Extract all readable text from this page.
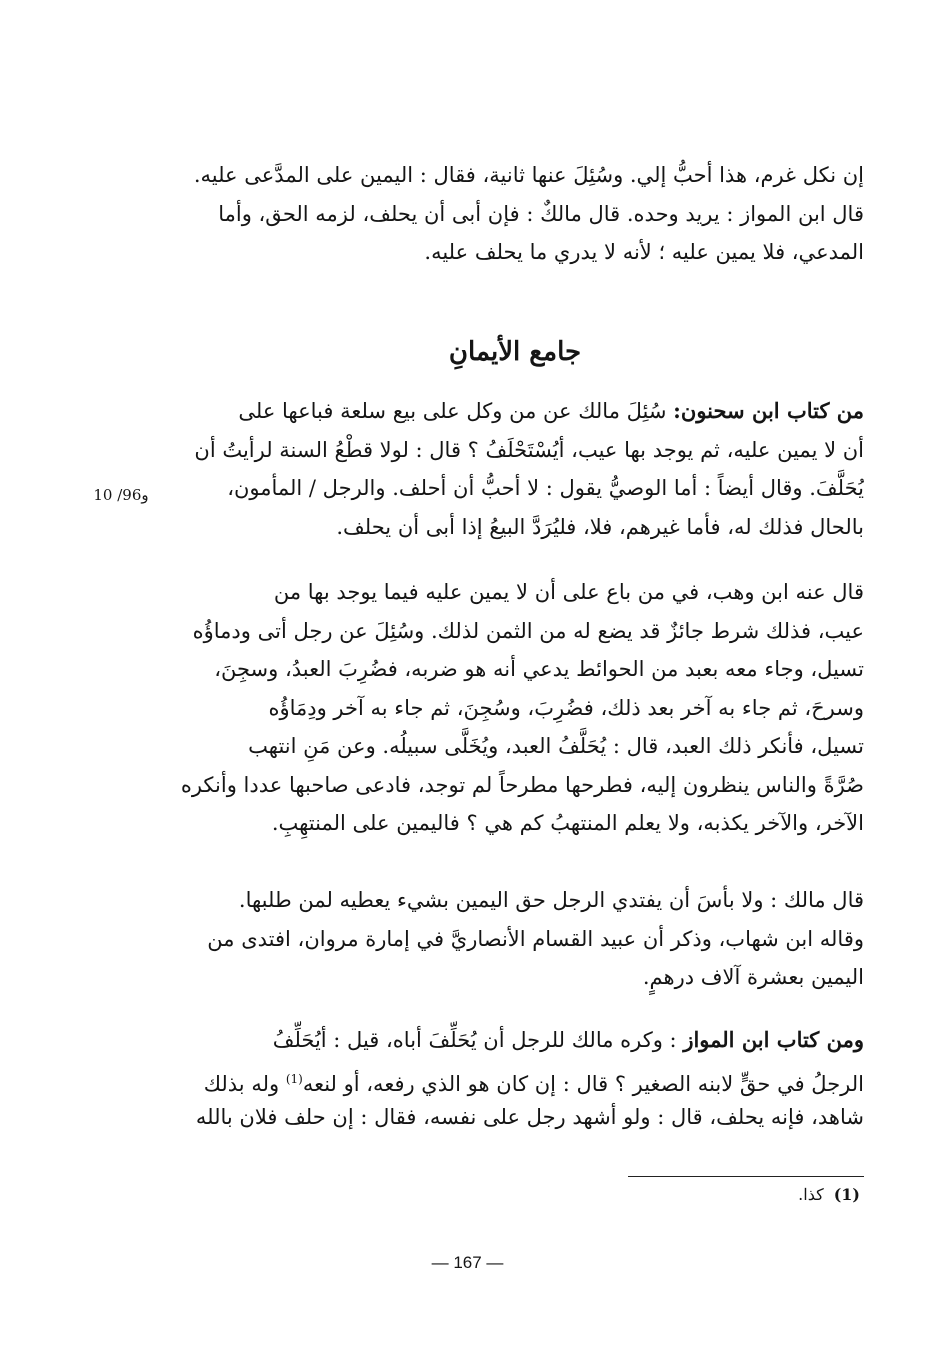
إن نكل غرم، هذا أحبُّ إلي. وسُئِلَ عنها ثانية، فقال : اليمين على المدَّعى عليه.
قال ابن المواز : يريد وحده. قال مالكٌ : فإن أبى أن يحلف، لزمه الحق، وأما
المدعي، فلا يمين عليه ؛ لأنه لا يدري ما يحلف عليه.
جامع الأيمانِ
من كتاب ابن سحنون: سُئِلَ مالك عن من وكل على بيع سلعة فباعها على
أن لا يمين عليه، ثم يوجد بها عيب، أيُسْتَحْلَفُ ؟ قال : لولا قطْعُ السنة لرأيتُ أن
يُحَلَّفَ. وقال أيضاً : أما الوصيُّ يقول : لا أحبُّ أن أحلف. والرجل / المأمون،
بالحال فذلك له، فأما غيرهم، فلا، فليُرَدَّ البيعُ إذا أبى أن يحلف.
10 /96و
قال عنه ابن وهب، في من باع على أن لا يمين عليه فيما يوجد بها من
عيب، فذلك شرط جائزٌ قد يضع له من الثمن لذلك. وسُئِلَ عن رجل أتى ودماؤُه
تسيل، وجاء معه بعبد من الحوائط يدعي أنه هو ضربه، فضُرِبَ العبدُ، وسجِنَ،
وسرحَ، ثم جاء به آخر بعد ذلك، فضُرِبَ، وسُجِنَ، ثم جاء به آخر ودِمَاؤُه
تسيل، فأنكر ذلك العبد، قال : يُحَلَّفُ العبد، ويُخَلَّى سبيلُه. وعن مَنِ انتهب
صُرَّةً والناس ينظرون إليه، فطرحها مطرحاً لم توجد، فادعى صاحبها عددا وأنكره
الآخر، والآخر يكذبه، ولا يعلم المنتهبُ كم هي ؟ فاليمين على المنتهِبِ.
قال مالك : ولا بأسَ أن يفتدي الرجل حق اليمين بشيء يعطيه لمن طلبها.
وقاله ابن شهاب، وذكر أن عبيد القسام الأنصاريَّ في إمارة مروان، افتدى من
اليمين بعشرة آلاف درهمٍ.
ومن كتاب ابن المواز : وكره مالك للرجل أن يُحَلِّفَ أباه، قيل : أيُحَلِّفُ
الرجلُ في حقٍّ لابنه الصغير ؟ قال : إن كان هو الذي رفعه، أو لنعه$^{(1)}$ وله بذلك
شاهد، فإنه يحلف، قال : ولو أشهد رجل على نفسه، فقال : إن حلف فلان بالله
(1)كذا.
— 167 —
